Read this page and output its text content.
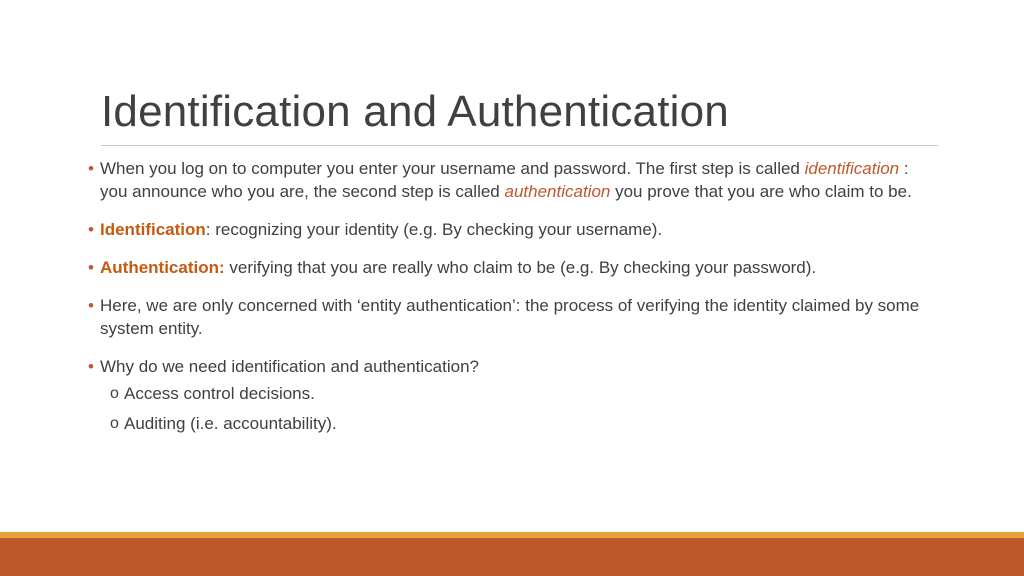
Identification and Authentication
• When you log on to computer you enter your username and password. The first step is called identification : you announce who you are, the second step is called authentication you prove that you are who claim to be.
• Identification: recognizing your identity (e.g. By checking your username).
• Authentication: verifying that you are really who claim to be (e.g. By checking your password).
• Here, we are only concerned with ‘entity authentication’: the process of verifying the identity claimed by some system entity.
• Why do we need identification and authentication?
o Access control decisions.
o Auditing (i.e. accountability).
